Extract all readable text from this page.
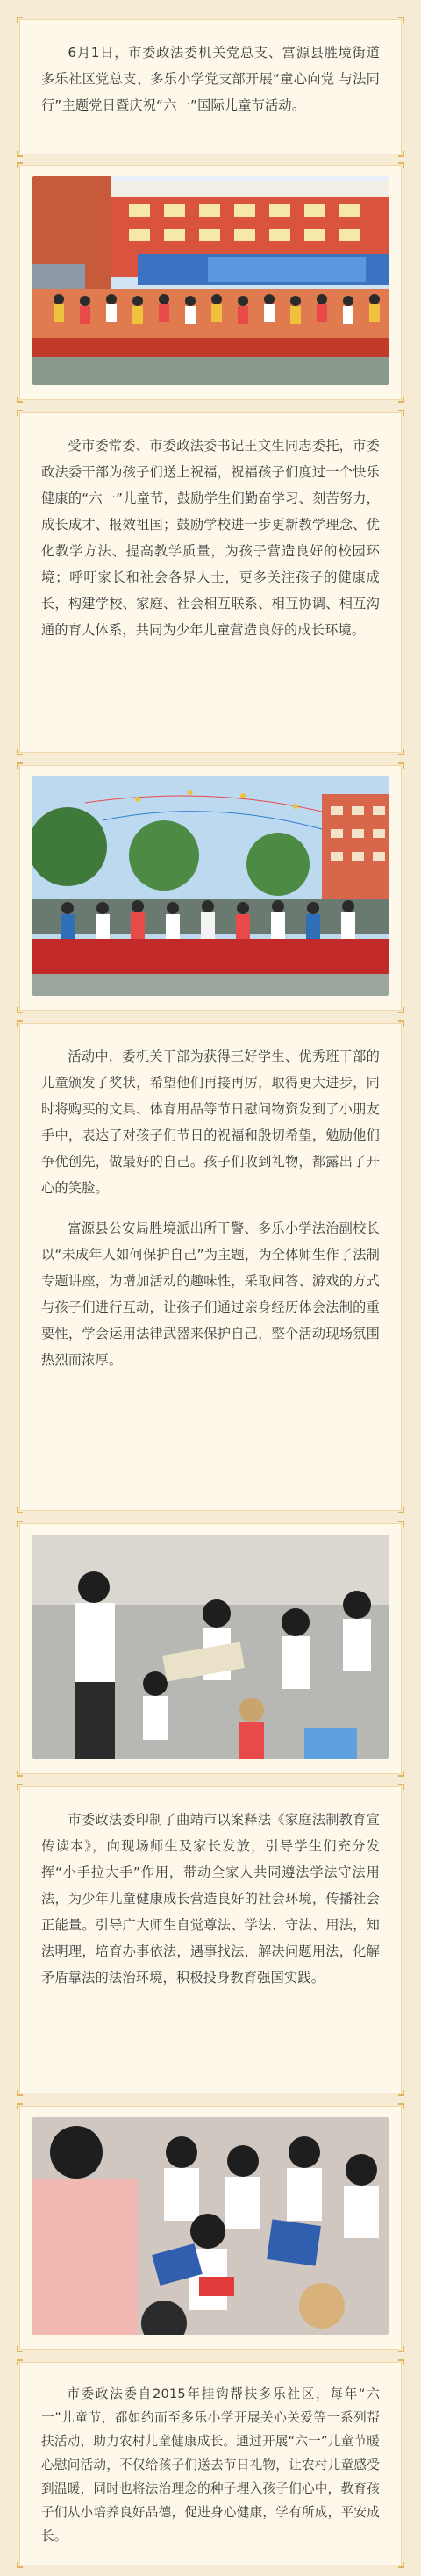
6月1日，市委政法委机关党总支、富源县胜境街道多乐社区党总支、多乐小学党支部开展“童心向党 与法同行”主题党日暨庆祝“六一”国际儿童节活动。

受市委常委、市委政法委书记王文生同志委托，市委政法委干部为孩子们送上祝福，祝福孩子们度过一个快乐健康的“六一”儿童节，鼓励学生们勤奋学习、刻苦努力，成长成才、报效祖国；鼓励学校进一步更新教学理念、优化教学方法、提高教学质量，为孩子营造良好的校园环境；呼吁家长和社会各界人士，更多关注孩子的健康成长，构建学校、家庭、社会相互联系、相互协调、相互沟通的育人体系，共同为少年儿童营造良好的成长环境。

活动中，委机关干部为获得三好学生、优秀班干部的儿童颁发了奖状，希望他们再接再厉，取得更大进步，同时将购买的文具、体育用品等节日慰问物资发到了小朋友手中，表达了对孩子们节日的祝福和殷切希望，勉励他们争优创先，做最好的自己。孩子们收到礼物，都露出了开心的笑脸。

富源县公安局胜境派出所干警、多乐小学法治副校长以“未成年人如何保护自己”为主题，为全体师生作了法制专题讲座，为增加活动的趣味性，采取问答、游戏的方式与孩子们进行互动，让孩子们通过亲身经历体会法制的重要性，学会运用法律武器来保护自己，整个活动现场氛围热烈而浓厚。

市委政法委印制了曲靖市以案释法《家庭法制教育宣传读本》，向现场师生及家长发放，引导学生们充分发挥“小手拉大手”作用，带动全家人共同遵法学法守法用法，为少年儿童健康成长营造良好的社会环境，传播社会正能量。引导广大师生自觉尊法、学法、守法、用法，知法明理，培育办事依法，遇事找法，解决问题用法，化解矛盾靠法的法治环境，积极投身教育强国实践。

市委政法委自2015年挂钩帮扶多乐社区，每年“六一”儿童节，都如约而至多乐小学开展关心关爱等一系列帮扶活动，助力农村儿童健康成长。通过开展“六一”儿童节暖心慰问活动，不仅给孩子们送去节日礼物，让农村儿童感受到温暖，同时也将法治理念的种子埋入孩子们心中，教育孩子们从小培养良好品德，促进身心健康，学有所成，平安成长。
